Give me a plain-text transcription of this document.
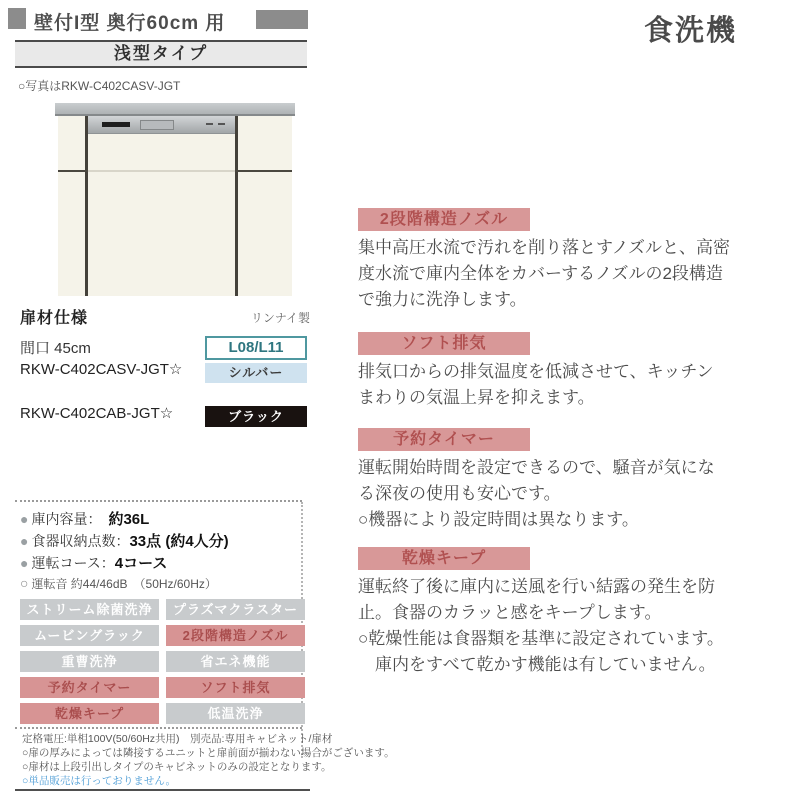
壁付I型 奥行60cm 用
浅型タイプ
○写真はRKW-C402CASV-JGT
扉材仕様	リンナイ製
間口 45cm	L08/L11
RKW-C402CASV-JGT☆	シルバー
RKW-C402CAB-JGT☆	ブラック
● 庫内容量：　約36L
● 食器収納点数：33点 (約4人分)
● 運転コース：4コース
○ 運転音 約44/46dB　（50Hz/60Hz）
ストリーム除菌洗浄	プラズマクラスター
ムービングラック	2段階構造ノズル
重曹洗浄	省エネ機能
予約タイマー	ソフト排気
乾燥キープ	低温洗浄
定格電圧:単相100V(50/60Hz共用)　別売品:専用キャビネット/扉材
○扉の厚みによっては隣接するユニットと扉前面が揃わない場合がございます。
○扉材は上段引出しタイプのキャビネットのみの設定となります。
○単品販売は行っておりません。
食洗機
2段階構造ノズル

集中高圧水流で汚れを削り落とすノズルと、高密度水流で庫内全体をカバーするノズルの2段構造で強力に洗浄します。

ソフト排気

排気口からの排気温度を低減させて、キッチンまわりの気温上昇を抑えます。

予約タイマー

運転開始時間を設定できるので、騒音が気になる深夜の使用も安心です。

○機器により設定時間は異なります。

乾燥キープ

運転終了後に庫内に送風を行い結露の発生を防止。食器のカラッと感をキープします。

○乾燥性能は食器類を基準に設定されています。

庫内をすべて乾かす機能は有していません。
